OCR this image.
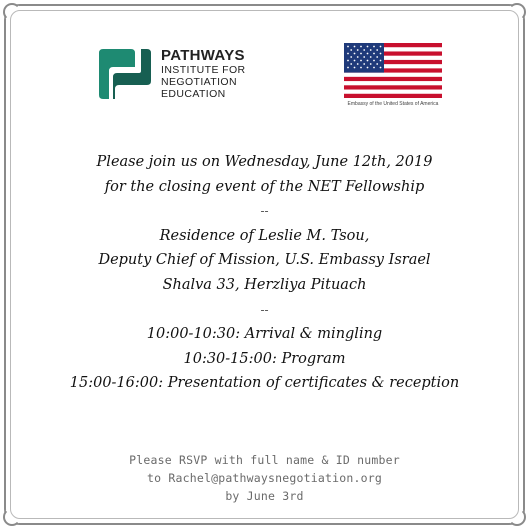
PATHWAYS
INSTITUTE FOR
NEGOTIATION
EDUCATION
Embassy of the United States of America
Please join us on Wednesday, June 12th, 2019
for the closing event of the NET Fellowship
--
Residence of Leslie M. Tsou,
Deputy Chief of Mission, U.S. Embassy Israel
Shalva 33, Herzliya Pituach
--
10:00-10:30: Arrival & mingling
10:30-15:00: Program
15:00-16:00: Presentation of certificates & reception
Please RSVP with full name & ID number
to Rachel@pathwaysnegotiation.org
by June 3rd
